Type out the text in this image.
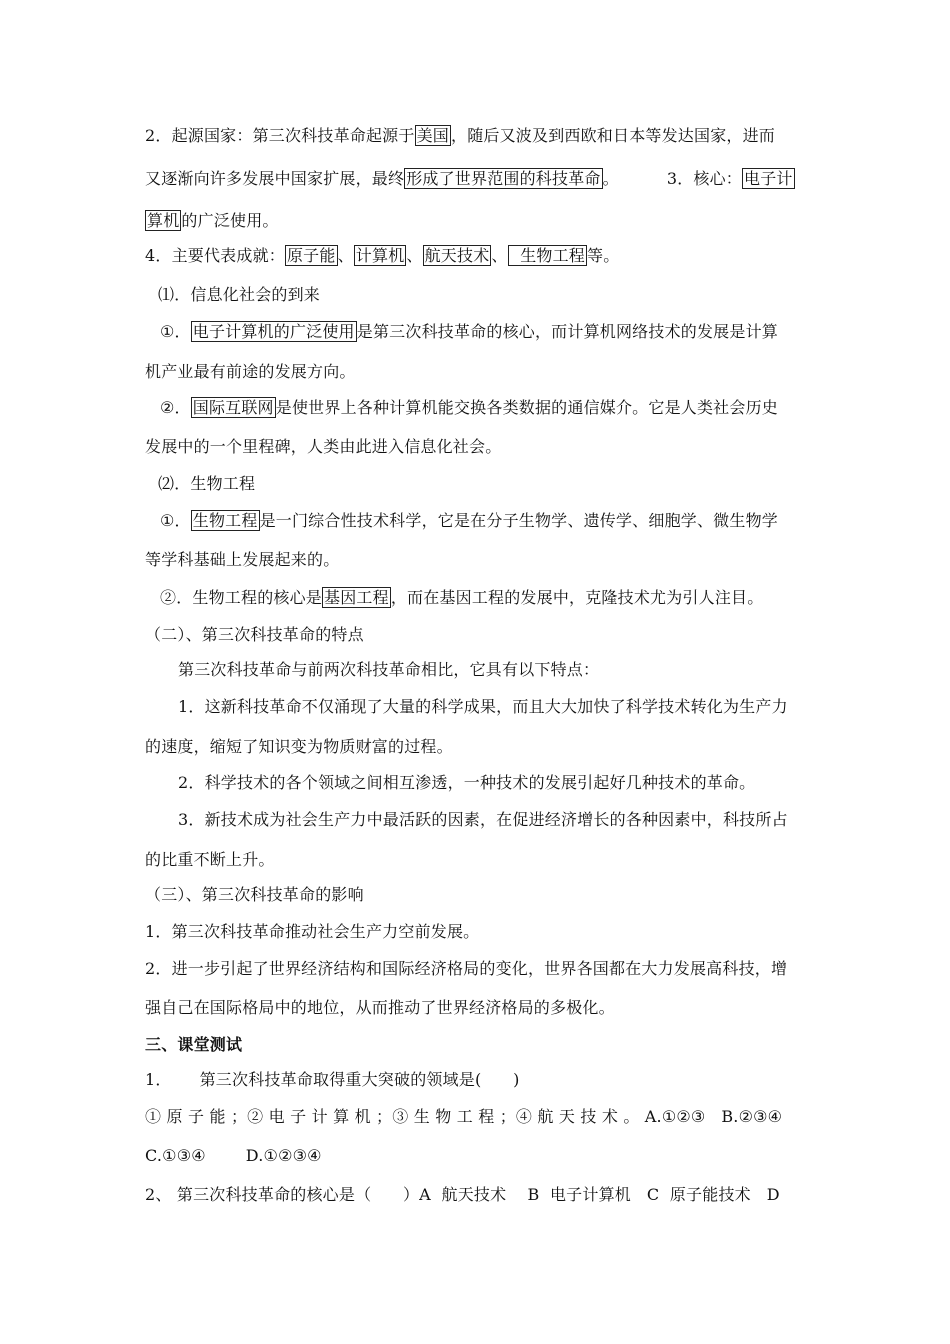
2．起源国家：第三次科技革命起源于 美国 ，随后又波及到西欧和日本等发达国家，进而
又逐渐向许多发展中国家扩展，最终 形成了世界范围的科技革命 。	3．核心： 电子计
算机 的广泛使用。
4．主要代表成就： 原子能 、 计算机 、 航天技术 、  生物工程 等。
⑴．信息化社会的到来
①． 电子计算机的广泛使用 是第三次科技革命的核心，而计算机网络技术的发展是计算
机产业最有前途的发展方向。
②． 国际互联网 是使世界上各种计算机能交换各类数据的通信媒介。它是人类社会历史
发展中的一个里程碑，人类由此进入信息化社会。
⑵．生物工程
①． 生物工程 是一门综合性技术科学，它是在分子生物学、遗传学、细胞学、微生物学
等学科基础上发展起来的。
②．生物工程的核心是 基因工程 ，而在基因工程的发展中，克隆技术尤为引人注目。
（二）、第三次科技革命的特点
第三次科技革命与前两次科技革命相比，它具有以下特点：
1．这新科技革命不仅涌现了大量的科学成果，而且大大加快了科学技术转化为生产力
的速度，缩短了知识变为物质财富的过程。
2．科学技术的各个领域之间相互渗透，一种技术的发展引起好几种技术的革命。
3．新技术成为社会生产力中最活跃的因素，在促进经济增长的各种因素中，科技所占
的比重不断上升。
（三）、第三次科技革命的影响
1．第三次科技革命推动社会生产力空前发展。
2．进一步引起了世界经济结构和国际经济格局的变化，世界各国都在大力发展高科技，增
强自己在国际格局中的地位，从而推动了世界经济格局的多极化。
三、课堂测试
1． 第三次科技革命取得重大突破的领域是(      )
① 原 子 能 ；② 电 子 计 算 机 ；③ 生 物 工 程 ；④ 航 天 技 术 。 A.①②③   B.②③④
C.①③④	D.①②③④
2、 第三次科技革命的核心是（      ）A  航天技术    B  电子计算机   C  原子能技术   D
